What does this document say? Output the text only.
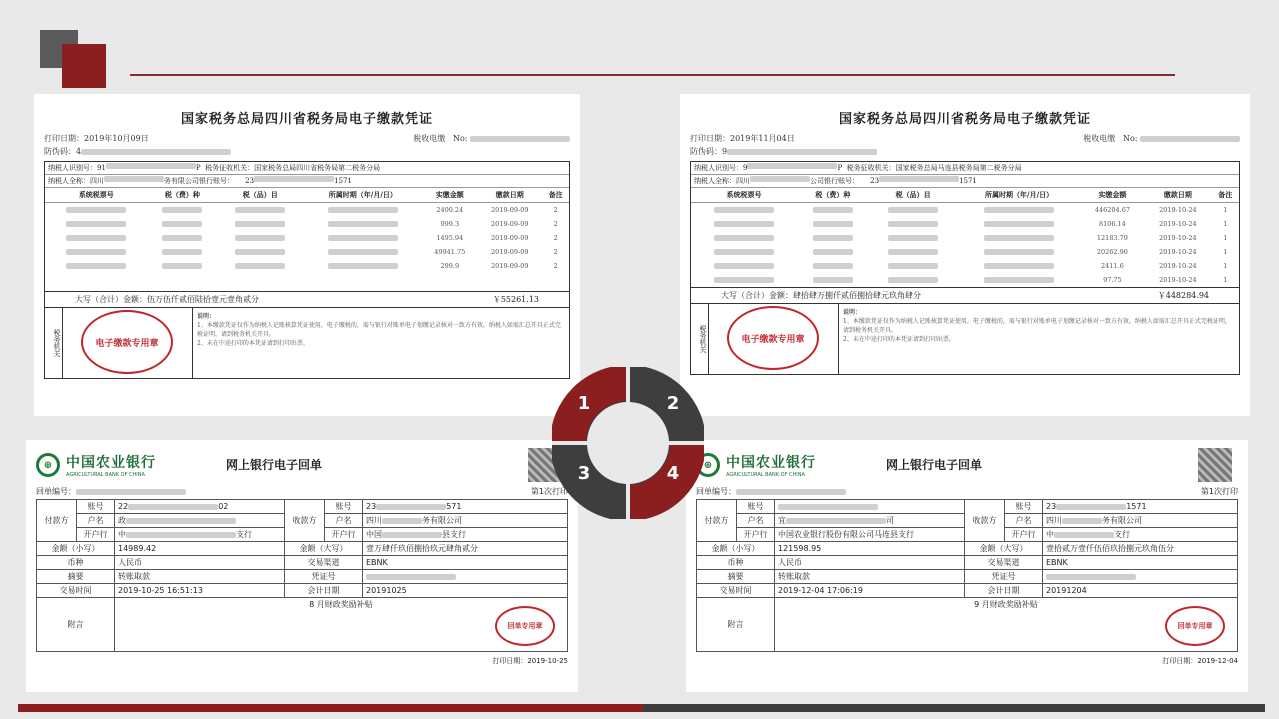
国家税务总局四川省税务局电子缴款凭证
打印日期：2019年10月09日	税收电缴 No:
防伪码：4
纳税人识别号： 91	P
税务征收机关： 国家税务总局四川省税务局第二税务分局
纳税人全称： 四川	务有限公司 银行账号：
23	1571
系统税票号	税（费）种	税（品）目	所属时期（年/月/日）	实缴金额	缴款日期	备注
				2400.24	2019-09-09	2
				999.3	2019-09-09	2
				1495.94	2019-09-09	2
				49941.75	2019-09-09	2
				299.9	2019-09-09	2

大写（合计）金额：伍万伍仟贰佰陆拾壹元壹角贰分	￥55261.13
税务机关	电子缴款专用章
说明：
1、本缴款凭证仅作为纳税人记账核算凭证使用，电子缴税的，需与银行对账单电子划缴记录核对一致方有效。纳税人如需汇总开具正式完税证明，请到税务机关开具。
2、未在中途打印的本凭证请到打印出票。
国家税务总局四川省税务局电子缴款凭证
打印日期：2019年11月04日	税收电缴 No:
防伪码：9
纳税人识别号： 9	P
税务征收机关： 国家税务总局马连县税务局第二税务分局
纳税人全称： 四川	公司 银行账号：
23	1571
系统税票号	税（费）种	税（品）目	所属时期（年/月/日）	实缴金额	缴款日期	备注
				446204.67	2019-10-24	1
				8106.14	2019-10-24	1
				12183.79	2019-10-24	1
				20262.90	2019-10-24	1
				2411.6	2019-10-24	1
				97.75	2019-10-24	1
大写（合计）金额：肆拾肆万捌仟贰佰捌拾肆元玖角肆分	￥448284.94
税务机关	电子缴款专用章
说明：
1、本缴款凭证仅作为纳税人记账核算凭证使用，电子缴税的，需与银行对账单电子划缴记录核对一致方有效。纳税人如需汇总开具正式完税证明，请到税务机关开具。
2、未在中途打印的本凭证请到打印出票。
⊕ 中国农业银行
AGRICULTURAL BANK OF CHINA
网上银行电子回单
回单编号：	第1次打印
付款方	账号	22 02	收款方	账号	23 571
	户名	政		户名	四川 务有限公司
	开户行	中 支行		开户行	中国 县支行
金额（小写）		14989.42	金额（大写）		壹万肆仟玖佰捌拾玖元肆角贰分
币种		人民币	交易渠道		EBNK
摘要		转账取款	凭证号		
交易时间		2019-10-25 16:51:13	会计日期		20191025
附言		8 月财政奖励补贴
回单专用章			
打印日期：2019-10-25
⊕ 中国农业银行
AGRICULTURAL BANK OF CHINA
网上银行电子回单
回单编号：	第1次打印
付款方	账号		收款方	账号	23 1571
	户名	宜 司		户名	四川 务有限公司
	开户行	中国农业银行股份有限公司马连县支行		开户行	中 支行
金额（小写）		121598.95	金额（大写）		壹拾贰万壹仟伍佰玖拾捌元玖角伍分
币种		人民币	交易渠道		EBNK
摘要		转账取款	凭证号		
交易时间		2019-12-04 17:06:19	会计日期		20191204
附言		9 月财政奖励补贴
回单专用章			
打印日期：2019-12-04
1	2
3	4
